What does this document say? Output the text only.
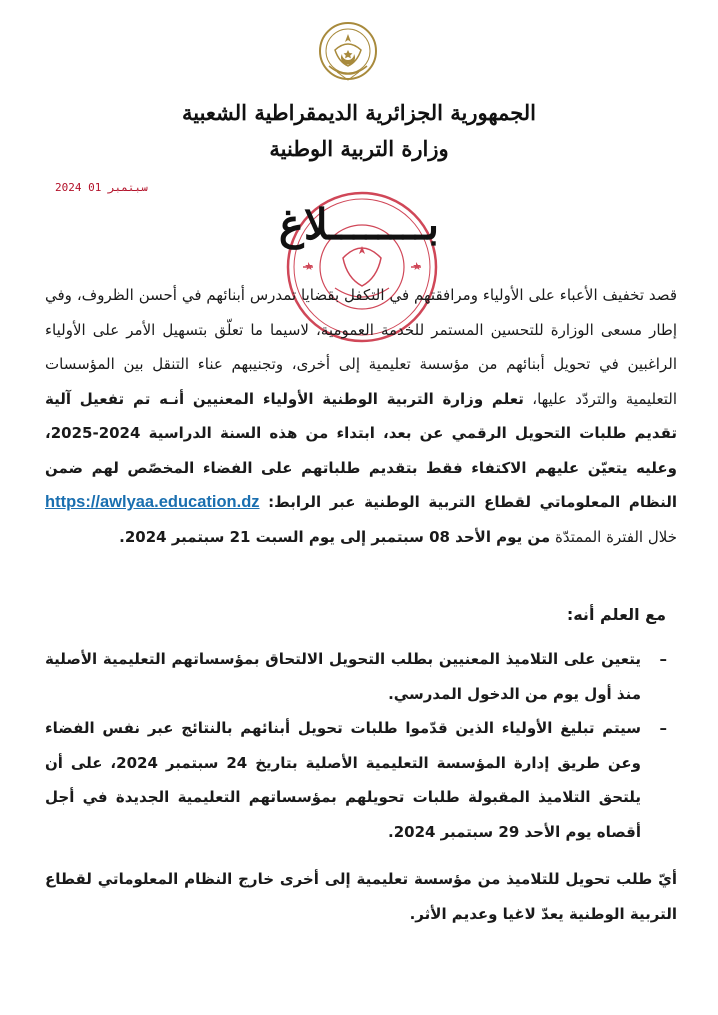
الجمهورية الجزائرية الديمقراطية الشعبية
وزارة التربية الوطنية
2024 سبتمبر 01
بــــــــلاغ
قصد تخفيف الأعباء على الأولياء ومرافقتهم في التكفل بقضايا تمدرس أبنائهم في أحسن الظروف، وفي إطار مسعى الوزارة للتحسين المستمر للخدمة العمومية، لاسيما ما تعلّق بتسهيل الأمر على الأولياء الراغبين في تحويل أبنائهم من مؤسسة تعليمية إلى أخرى، وتجنيبهم عناء التنقل بين المؤسسات التعليمية والتردّد عليها، تعلم وزارة التربية الوطنية الأولياء المعنيين أنـه تم تفعيل آلية تقديم طلبات التحويل الرقمي عن بعد، ابتداء من هذه السنة الدراسية 2024-2025، وعليه يتعيّن عليهم الاكتفاء فقط بتقديم طلباتهم على الفضاء المخصّص لهم ضمن النظام المعلوماتي لقطاع التربية الوطنية عبر الرابط: https://awlyaa.education.dz خلال الفترة الممتدّة من يوم الأحد 08 سبتمبر إلى يوم السبت 21 سبتمبر 2024.
مع العلم أنه:
– يتعين على التلاميذ المعنيين بطلب التحويل الالتحاق بمؤسساتهم التعليمية الأصلية منذ أول يوم من الدخول المدرسي.
– سيتم تبليغ الأولياء الذين قدّموا طلبات تحويل أبنائهم بالنتائج عبر نفس الفضاء وعن طريق إدارة المؤسسة التعليمية الأصلية بتاريخ 24 سبتمبر 2024، على أن يلتحق التلاميذ المقبولة طلبات تحويلهم بمؤسساتهم التعليمية الجديدة في أجل أقصاه يوم الأحد 29 سبتمبر 2024.
أيّ طلب تحويل للتلاميذ من مؤسسة تعليمية إلى أخرى خارج النظام المعلوماتي لقطاع التربية الوطنية يعدّ لاغيا وعديم الأثر.
